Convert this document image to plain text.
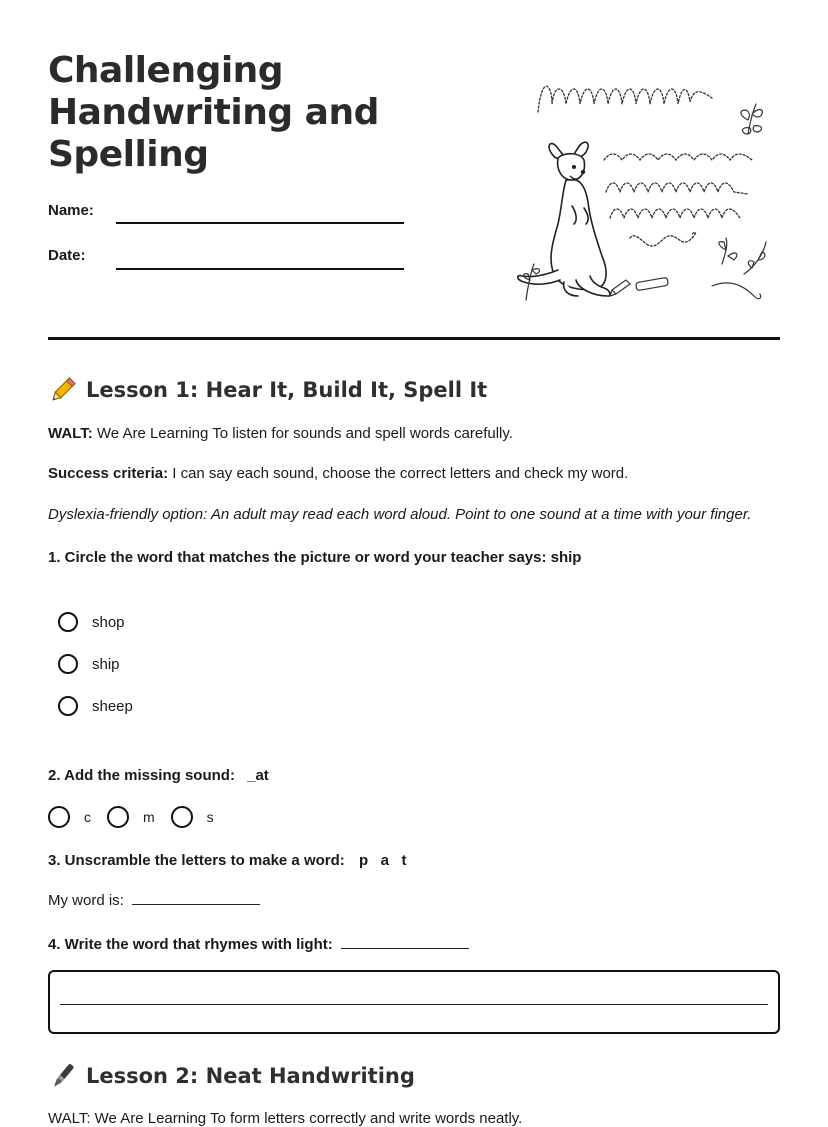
Challenging Handwriting and Spelling
Name:
Date:
Lesson 1: Hear It, Build It, Spell It
WALT: We Are Learning To listen for sounds and spell words carefully.
Success criteria: I can say each sound, choose the correct letters and check my word.
Dyslexia-friendly option: An adult may read each word aloud. Point to one sound at a time with your finger.
1. Circle the word that matches the picture or word your teacher says: ship
shop
ship
sheep
2. Add the missing sound: _at
c	m	s
3. Unscramble the letters to make a word: p   a   t
My word is:
4. Write the word that rhymes with light:
Lesson 2: Neat Handwriting
WALT: We Are Learning To form letters correctly and write words neatly.
